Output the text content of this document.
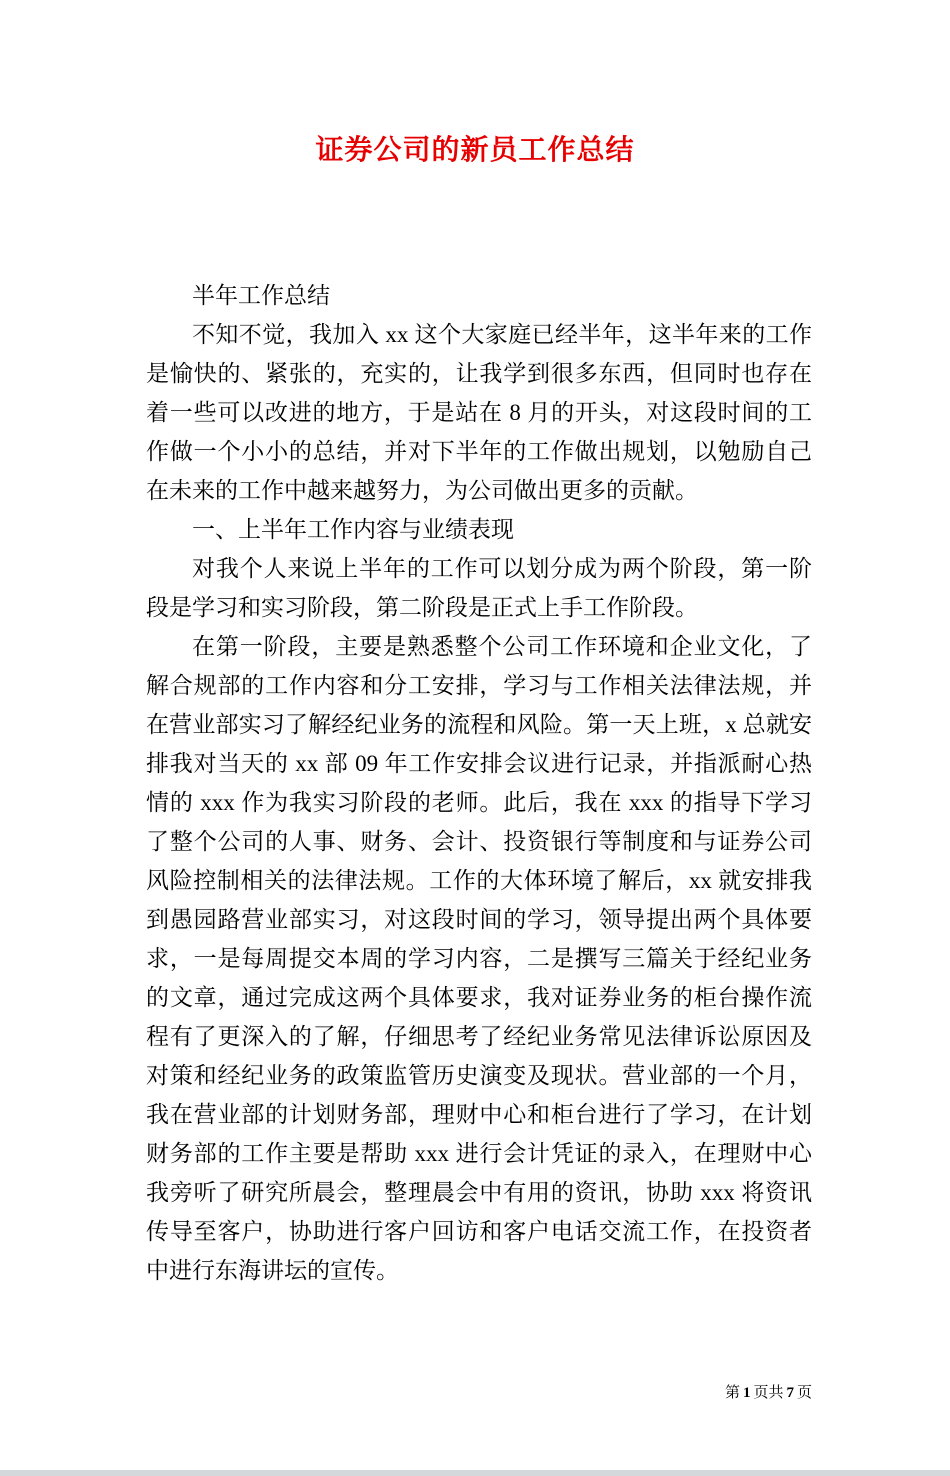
证券公司的新员工作总结

半年工作总结

不知不觉，我加入 xx 这个大家庭已经半年，这半年来的工作是愉快的、紧张的，充实的，让我学到很多东西，但同时也存在着一些可以改进的地方，于是站在 8 月的开头，对这段时间的工作做一个小小的总结，并对下半年的工作做出规划，以勉励自己在未来的工作中越来越努力，为公司做出更多的贡献。

一、上半年工作内容与业绩表现

对我个人来说上半年的工作可以划分成为两个阶段，第一阶段是学习和实习阶段，第二阶段是正式上手工作阶段。

在第一阶段，主要是熟悉整个公司工作环境和企业文化，了解合规部的工作内容和分工安排，学习与工作相关法律法规，并在营业部实习了解经纪业务的流程和风险。第一天上班，x 总就安排我对当天的 xx 部 09 年工作安排会议进行记录，并指派耐心热情的 xxx 作为我实习阶段的老师。此后，我在 xxx 的指导下学习了整个公司的人事、财务、会计、投资银行等制度和与证券公司风险控制相关的法律法规。工作的大体环境了解后，xx 就安排我到愚园路营业部实习，对这段时间的学习，领导提出两个具体要求，一是每周提交本周的学习内容，二是撰写三篇关于经纪业务的文章，通过完成这两个具体要求，我对证券业务的柜台操作流程有了更深入的了解，仔细思考了经纪业务常见法律诉讼原因及对策和经纪业务的政策监管历史演变及现状。营业部的一个月，我在营业部的计划财务部，理财中心和柜台进行了学习，在计划财务部的工作主要是帮助 xxx 进行会计凭证的录入，在理财中心我旁听了研究所晨会，整理晨会中有用的资讯，协助 xxx 将资讯传导至客户，协助进行客户回访和客户电话交流工作，在投资者中进行东海讲坛的宣传。

第 1 页共 7 页
